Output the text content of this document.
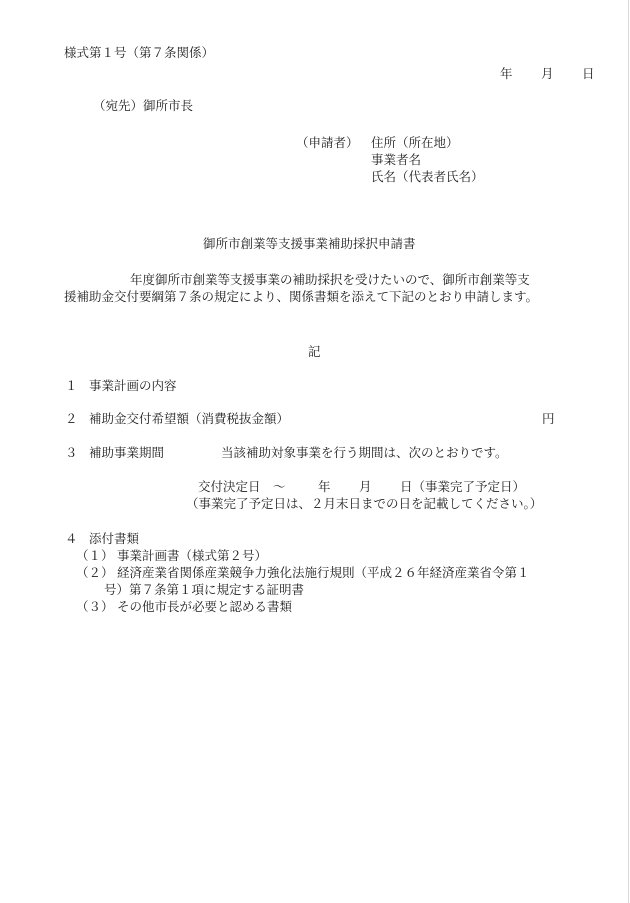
様式第１号（第７条関係）
年 月 日
（宛先）御所市長
（申請者） 住所（所在地）
事業者名
氏名（代表者氏名）
御所市創業等支援事業補助採択申請書
年度御所市創業等支援事業の補助採択を受けたいので、御所市創業等支
援補助金交付要綱第７条の規定により、関係書類を添えて下記のとおり申請します。
記
１ 事業計画の内容
２ 補助金交付希望額（消費税抜金額）	円
３ 補助事業期間	当該補助対象事業を行う期間は、次のとおりです。
交付決定日　〜	年 月 日（事業完了予定日）
（事業完了予定日は、２月末日までの日を記載してください。）
４ 添付書類
（１） 事業計画書（様式第２号）
（２） 経済産業省関係産業競争力強化法施行規則（平成２６年経済産業省令第１
号）第７条第１項に規定する証明書
（３） その他市長が必要と認める書類
